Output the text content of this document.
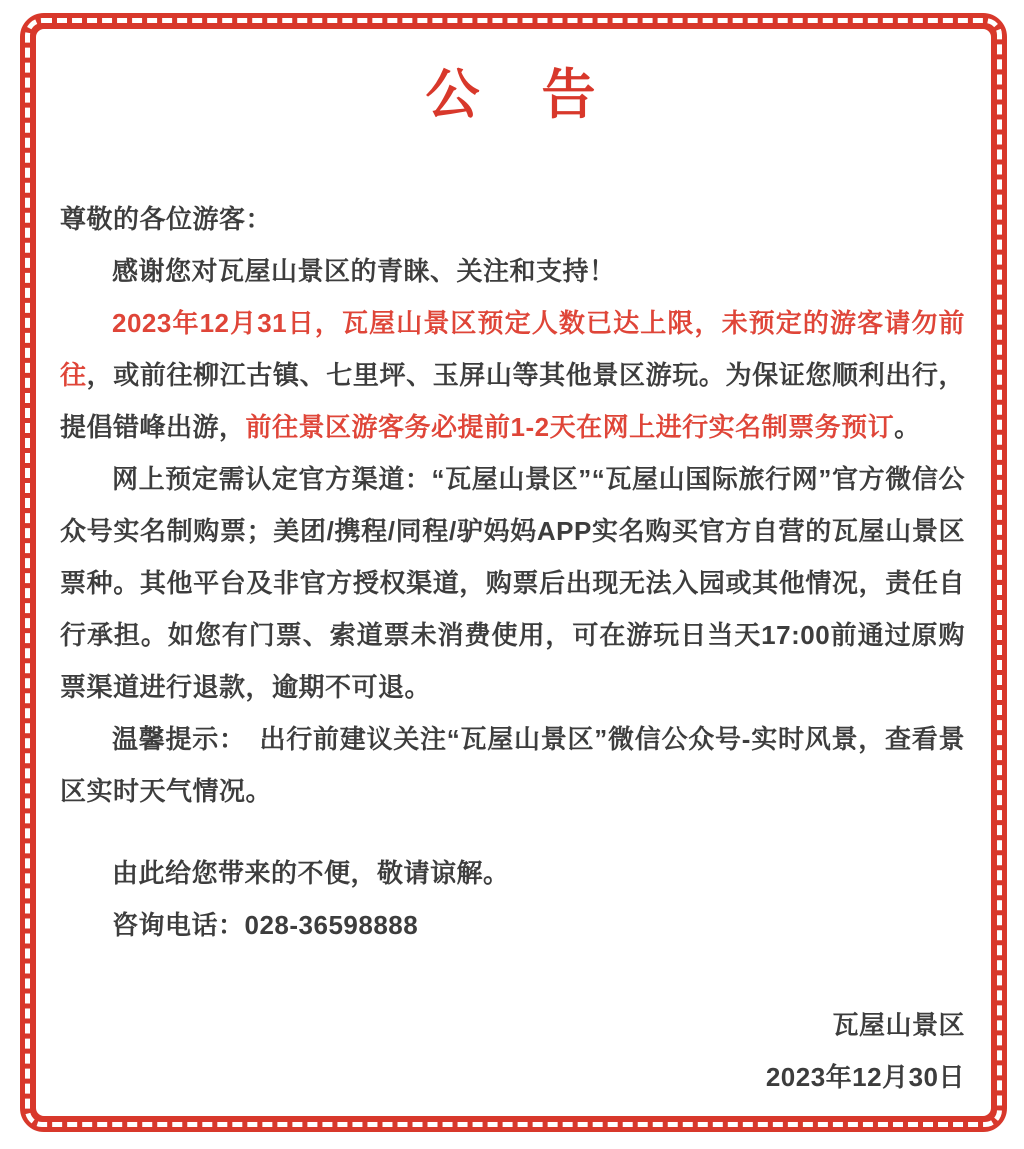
公　告

尊敬的各位游客：

感谢您对瓦屋山景区的青睐、关注和支持！

2023年12月31日，瓦屋山景区预定人数已达上限，未预定的游客请勿前往，或前往柳江古镇、七里坪、玉屏山等其他景区游玩。为保证您顺利出行，提倡错峰出游，前往景区游客务必提前1-2天在网上进行实名制票务预订。

网上预定需认定官方渠道：“瓦屋山景区”“瓦屋山国际旅行网”官方微信公众号实名制购票；美团/携程/同程/驴妈妈APP实名购买官方自营的瓦屋山景区票种。其他平台及非官方授权渠道，购票后出现无法入园或其他情况，责任自行承担。如您有门票、索道票未消费使用，可在游玩日当天17:00前通过原购票渠道进行退款，逾期不可退。

温馨提示：　出行前建议关注“瓦屋山景区”微信公众号-实时风景，查看景区实时天气情况。

由此给您带来的不便，敬请谅解。

咨询电话：028-36598888

瓦屋山景区

2023年12月30日
